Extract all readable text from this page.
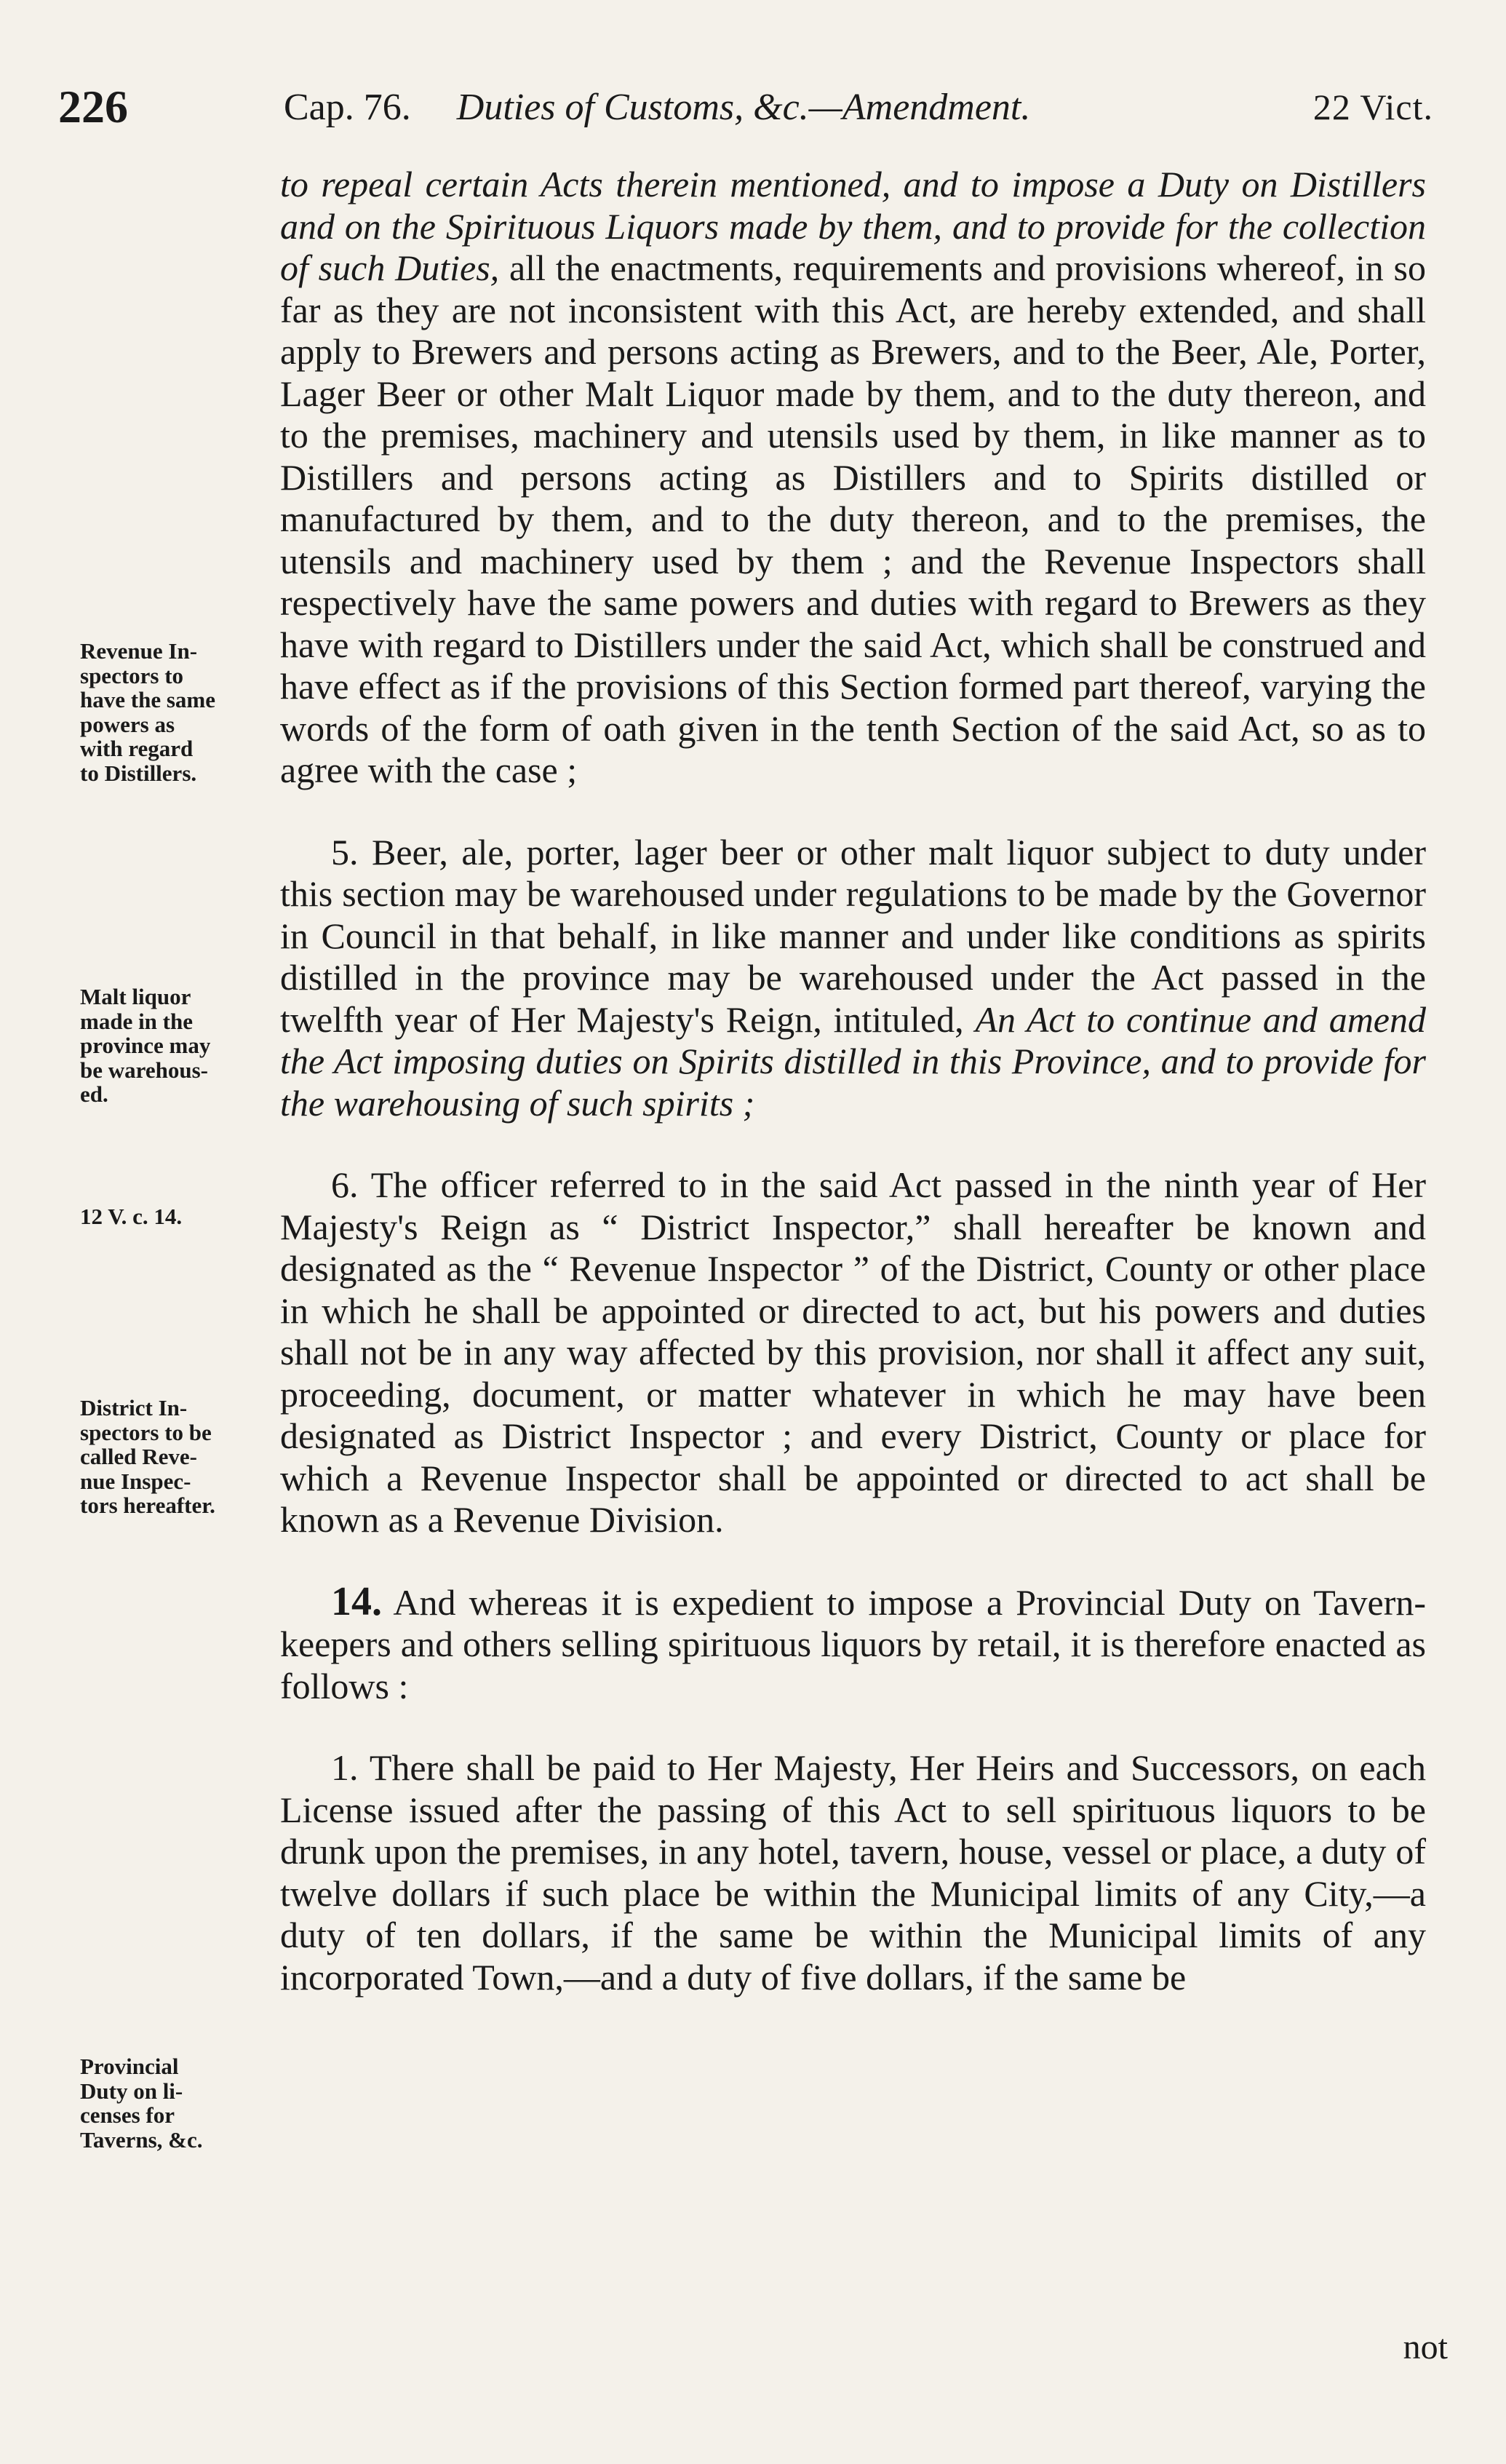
226	Cap. 76. Duties of Customs, &c.—Amendment.	22 Vict.

to repeal certain Acts therein mentioned, and to impose a Duty on Distillers and on the Spirituous Liquors made by them, and to provide for the collection of such Duties, all the enactments, requirements and provisions whereof, in so far as they are not inconsistent with this Act, are hereby extended, and shall apply to Brewers and persons acting as Brewers, and to the Beer, Ale, Porter, Lager Beer or other Malt Liquor made by them, and to the duty thereon, and to the premises, machinery and utensils used by them, in like manner as to Distillers and persons acting as Distillers and to Spirits distilled or manufactured by them, and to the duty thereon, and to the premises, the utensils and machinery used by them ; and the Revenue Inspectors shall respectively have the same powers and duties with regard to Brewers as they have with regard to Distillers under the said Act, which shall be construed and have effect as if the provisions of this Section formed part thereof, varying the words of the form of oath given in the tenth Section of the said Act, so as to agree with the case ;

5. Beer, ale, porter, lager beer or other malt liquor subject to duty under this section may be warehoused under regulations to be made by the Governor in Council in that behalf, in like manner and under like conditions as spirits distilled in the province may be warehoused under the Act passed in the twelfth year of Her Majesty's Reign, intituled, An Act to continue and amend the Act imposing duties on Spirits distilled in this Province, and to provide for the warehousing of such spirits ;

6. The officer referred to in the said Act passed in the ninth year of Her Majesty's Reign as “ District Inspector,” shall hereafter be known and designated as the “ Revenue Inspector ” of the District, County or other place in which he shall be appointed or directed to act, but his powers and duties shall not be in any way affected by this provision, nor shall it affect any suit, proceeding, document, or matter whatever in which he may have been designated as District Inspector ; and every District, County or place for which a Revenue Inspector shall be appointed or directed to act shall be known as a Revenue Division.

14. And whereas it is expedient to impose a Provincial Duty on Tavern-keepers and others selling spirituous liquors by retail, it is therefore enacted as follows :

1. There shall be paid to Her Majesty, Her Heirs and Successors, on each License issued after the passing of this Act to sell spirituous liquors to be drunk upon the premises, in any hotel, tavern, house, vessel or place, a duty of twelve dollars if such place be within the Municipal limits of any City,—a duty of ten dollars, if the same be within the Municipal limits of any incorporated Town,—and a duty of five dollars, if the same be

Revenue In-
spectors to
have the same
powers as
with regard
to Distillers.
Malt liquor
made in the
province may
be warehous-
ed.
12 V. c. 14.
District In-
spectors to be
called Reve-
nue Inspec-
tors hereafter.
Provincial
Duty on li-
censes for
Taverns, &c.
not
